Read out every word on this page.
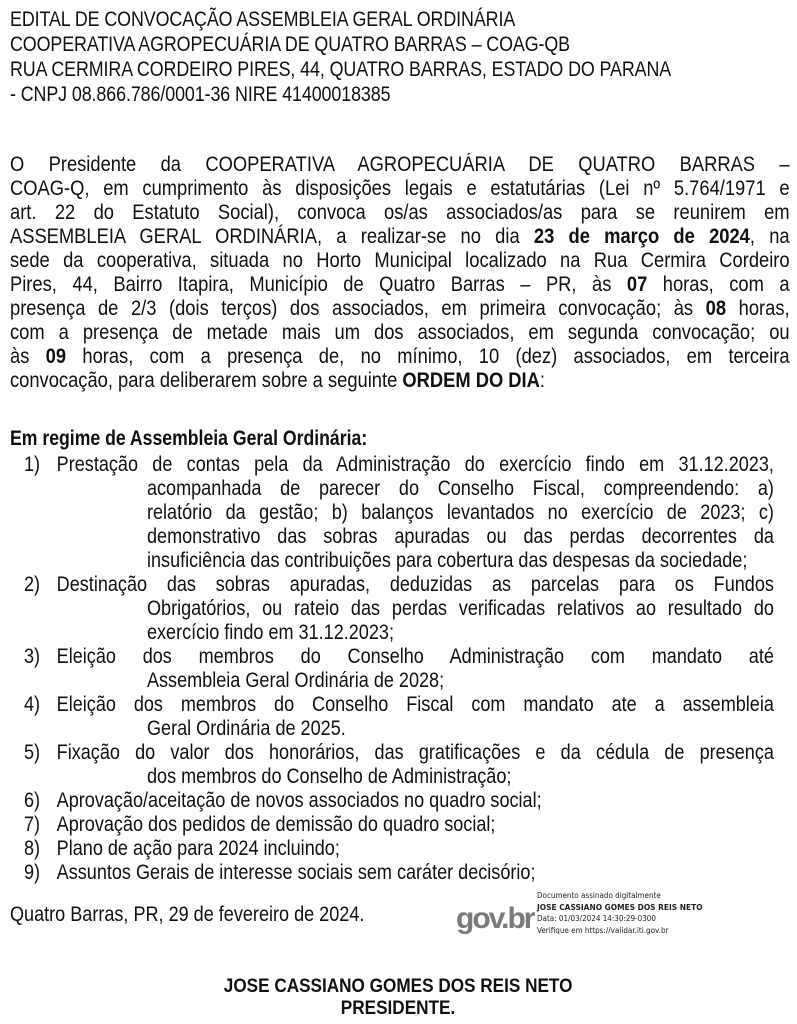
EDITAL DE CONVOCAÇÃO ASSEMBLEIA GERAL ORDINÁRIA
COOPERATIVA AGROPECUÁRIA DE QUATRO BARRAS – COAG-QB
RUA CERMIRA CORDEIRO PIRES, 44, QUATRO BARRAS, ESTADO DO PARANA
- CNPJ 08.866.786/0001-36 NIRE 41400018385
O Presidente da COOPERATIVA AGROPECUÁRIA DE QUATRO BARRAS –
COAG-Q, em cumprimento às disposições legais e estatutárias (Lei nº 5.764/1971 e
art. 22 do Estatuto Social), convoca os/as associados/as para se reunirem em
ASSEMBLEIA GERAL ORDINÁRIA, a realizar-se no dia 23 de março de 2024, na
sede da cooperativa, situada no Horto Municipal localizado na Rua Cermira Cordeiro
Pires, 44, Bairro Itapira, Município de Quatro Barras – PR, às 07 horas, com a
presença de 2/3 (dois terços) dos associados, em primeira convocação; às 08 horas,
com a presença de metade mais um dos associados, em segunda convocação; ou
às 09 horas, com a presença de, no mínimo, 10 (dez) associados, em terceira
convocação, para deliberarem sobre a seguinte ORDEM DO DIA:
Em regime de Assembleia Geral Ordinária:
1) Prestação de contas pela da Administração do exercício findo em 31.12.2023,
acompanhada de parecer do Conselho Fiscal, compreendendo: a)
relatório da gestão; b) balanços levantados no exercício de 2023; c)
demonstrativo das sobras apuradas ou das perdas decorrentes da
insuficiência das contribuições para cobertura das despesas da sociedade;
2) Destinação das sobras apuradas, deduzidas as parcelas para os Fundos
Obrigatórios, ou rateio das perdas verificadas relativos ao resultado do
exercício findo em 31.12.2023;
3) Eleição dos membros do Conselho Administração com mandato até
Assembleia Geral Ordinária de 2028;
4) Eleição dos membros do Conselho Fiscal com mandato ate a assembleia
Geral Ordinária de 2025.
5) Fixação do valor dos honorários, das gratificações e da cédula de presença
dos membros do Conselho de Administração;
6) Aprovação/aceitação de novos associados no quadro social;
7) Aprovação dos pedidos de demissão do quadro social;
8) Plano de ação para 2024 incluindo;
9) Assuntos Gerais de interesse sociais sem caráter decisório;
Quatro Barras, PR, 29 de fevereiro de 2024.	gov.br
Documento assinado digitalmente
JOSE CASSIANO GOMES DOS REIS NETO
Data: 01/03/2024 14:30:29-0300
Verifique em https://validar.iti.gov.br
JOSE CASSIANO GOMES DOS REIS NETO
PRESIDENTE.
